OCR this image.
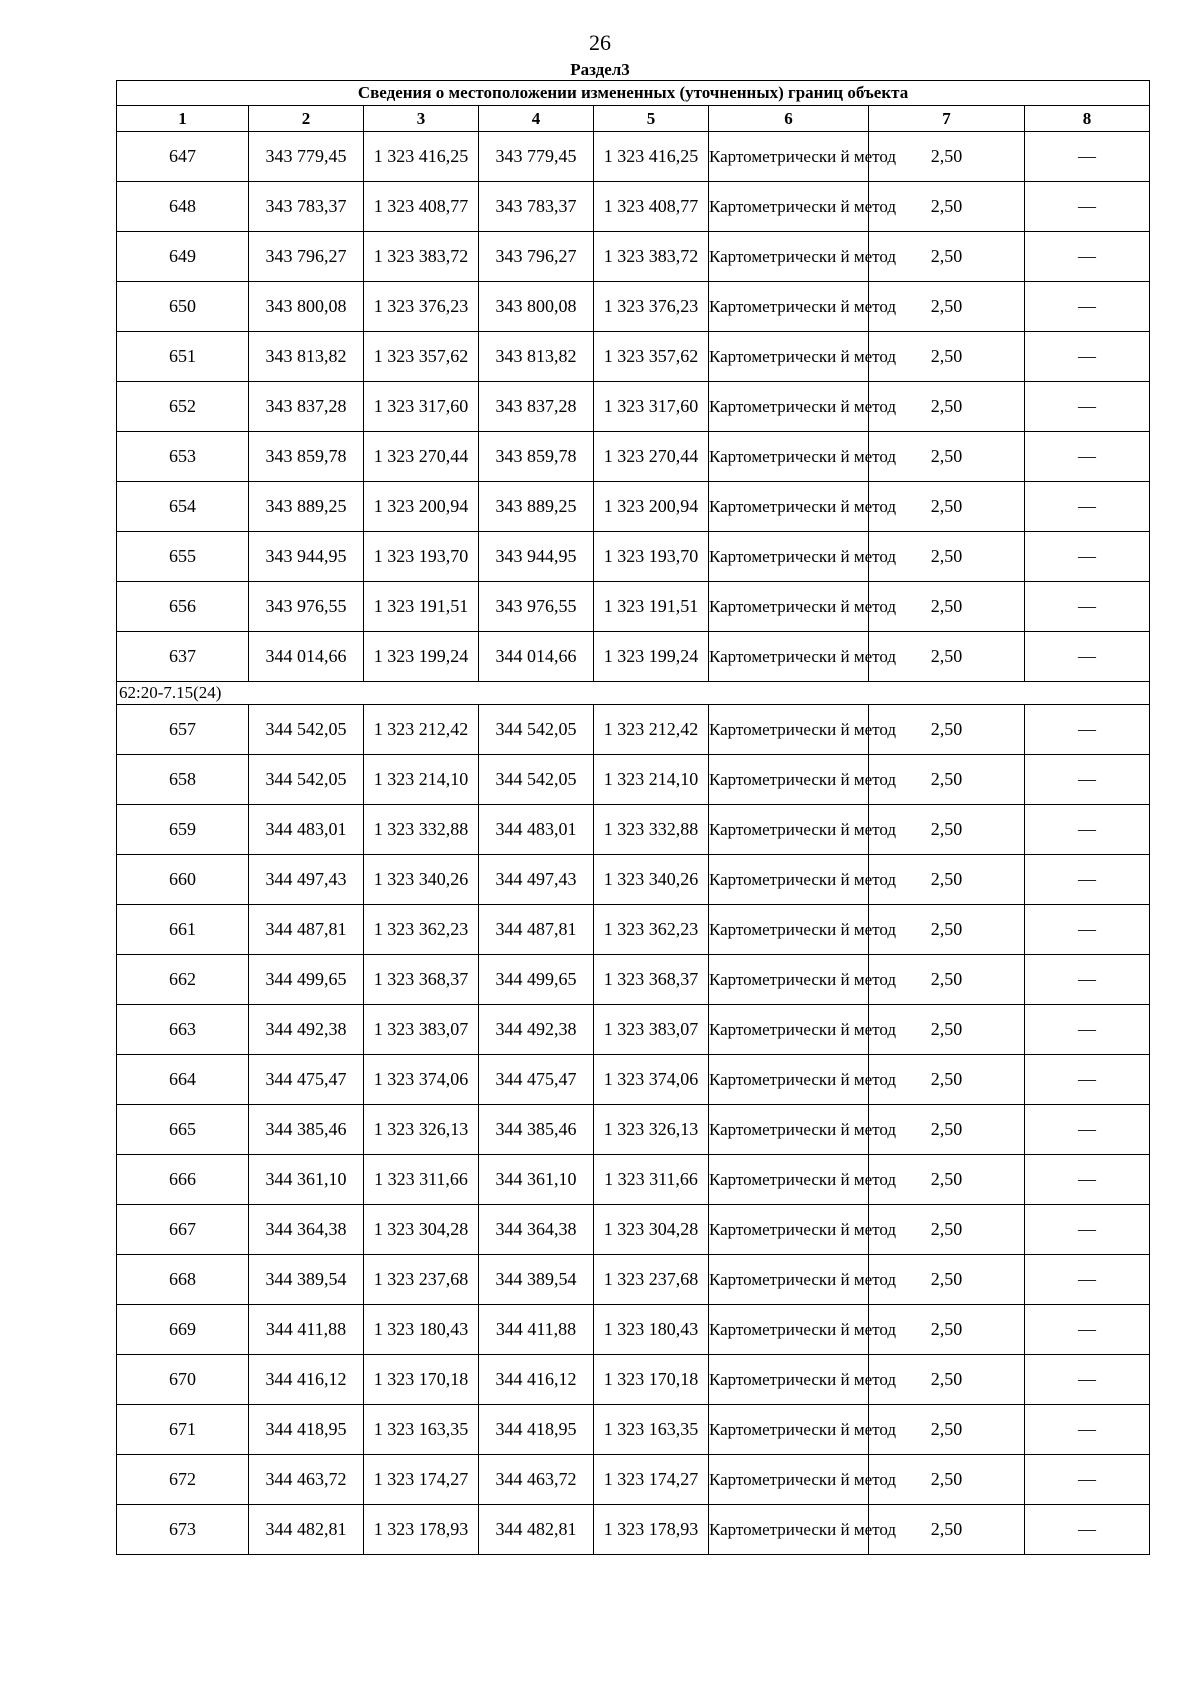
26
Раздел3
Сведения о местоположении измененных (уточненных) границ объекта							
1	2	3	4	5	6	7	8
647	343 779,45	1 323 416,25	343 779,45	1 323 416,25	Картометрически й метод	2,50	—
648	343 783,37	1 323 408,77	343 783,37	1 323 408,77	Картометрически й метод	2,50	—
649	343 796,27	1 323 383,72	343 796,27	1 323 383,72	Картометрически й метод	2,50	—
650	343 800,08	1 323 376,23	343 800,08	1 323 376,23	Картометрически й метод	2,50	—
651	343 813,82	1 323 357,62	343 813,82	1 323 357,62	Картометрически й метод	2,50	—
652	343 837,28	1 323 317,60	343 837,28	1 323 317,60	Картометрически й метод	2,50	—
653	343 859,78	1 323 270,44	343 859,78	1 323 270,44	Картометрически й метод	2,50	—
654	343 889,25	1 323 200,94	343 889,25	1 323 200,94	Картометрически й метод	2,50	—
655	343 944,95	1 323 193,70	343 944,95	1 323 193,70	Картометрически й метод	2,50	—
656	343 976,55	1 323 191,51	343 976,55	1 323 191,51	Картометрически й метод	2,50	—
637	344 014,66	1 323 199,24	344 014,66	1 323 199,24	Картометрически й метод	2,50	—
62:20-7.15(24)							
657	344 542,05	1 323 212,42	344 542,05	1 323 212,42	Картометрически й метод	2,50	—
658	344 542,05	1 323 214,10	344 542,05	1 323 214,10	Картометрически й метод	2,50	—
659	344 483,01	1 323 332,88	344 483,01	1 323 332,88	Картометрически й метод	2,50	—
660	344 497,43	1 323 340,26	344 497,43	1 323 340,26	Картометрически й метод	2,50	—
661	344 487,81	1 323 362,23	344 487,81	1 323 362,23	Картометрически й метод	2,50	—
662	344 499,65	1 323 368,37	344 499,65	1 323 368,37	Картометрически й метод	2,50	—
663	344 492,38	1 323 383,07	344 492,38	1 323 383,07	Картометрически й метод	2,50	—
664	344 475,47	1 323 374,06	344 475,47	1 323 374,06	Картометрически й метод	2,50	—
665	344 385,46	1 323 326,13	344 385,46	1 323 326,13	Картометрически й метод	2,50	—
666	344 361,10	1 323 311,66	344 361,10	1 323 311,66	Картометрически й метод	2,50	—
667	344 364,38	1 323 304,28	344 364,38	1 323 304,28	Картометрически й метод	2,50	—
668	344 389,54	1 323 237,68	344 389,54	1 323 237,68	Картометрически й метод	2,50	—
669	344 411,88	1 323 180,43	344 411,88	1 323 180,43	Картометрически й метод	2,50	—
670	344 416,12	1 323 170,18	344 416,12	1 323 170,18	Картометрически й метод	2,50	—
671	344 418,95	1 323 163,35	344 418,95	1 323 163,35	Картометрически й метод	2,50	—
672	344 463,72	1 323 174,27	344 463,72	1 323 174,27	Картометрически й метод	2,50	—
673	344 482,81	1 323 178,93	344 482,81	1 323 178,93	Картометрически й метод	2,50	—
